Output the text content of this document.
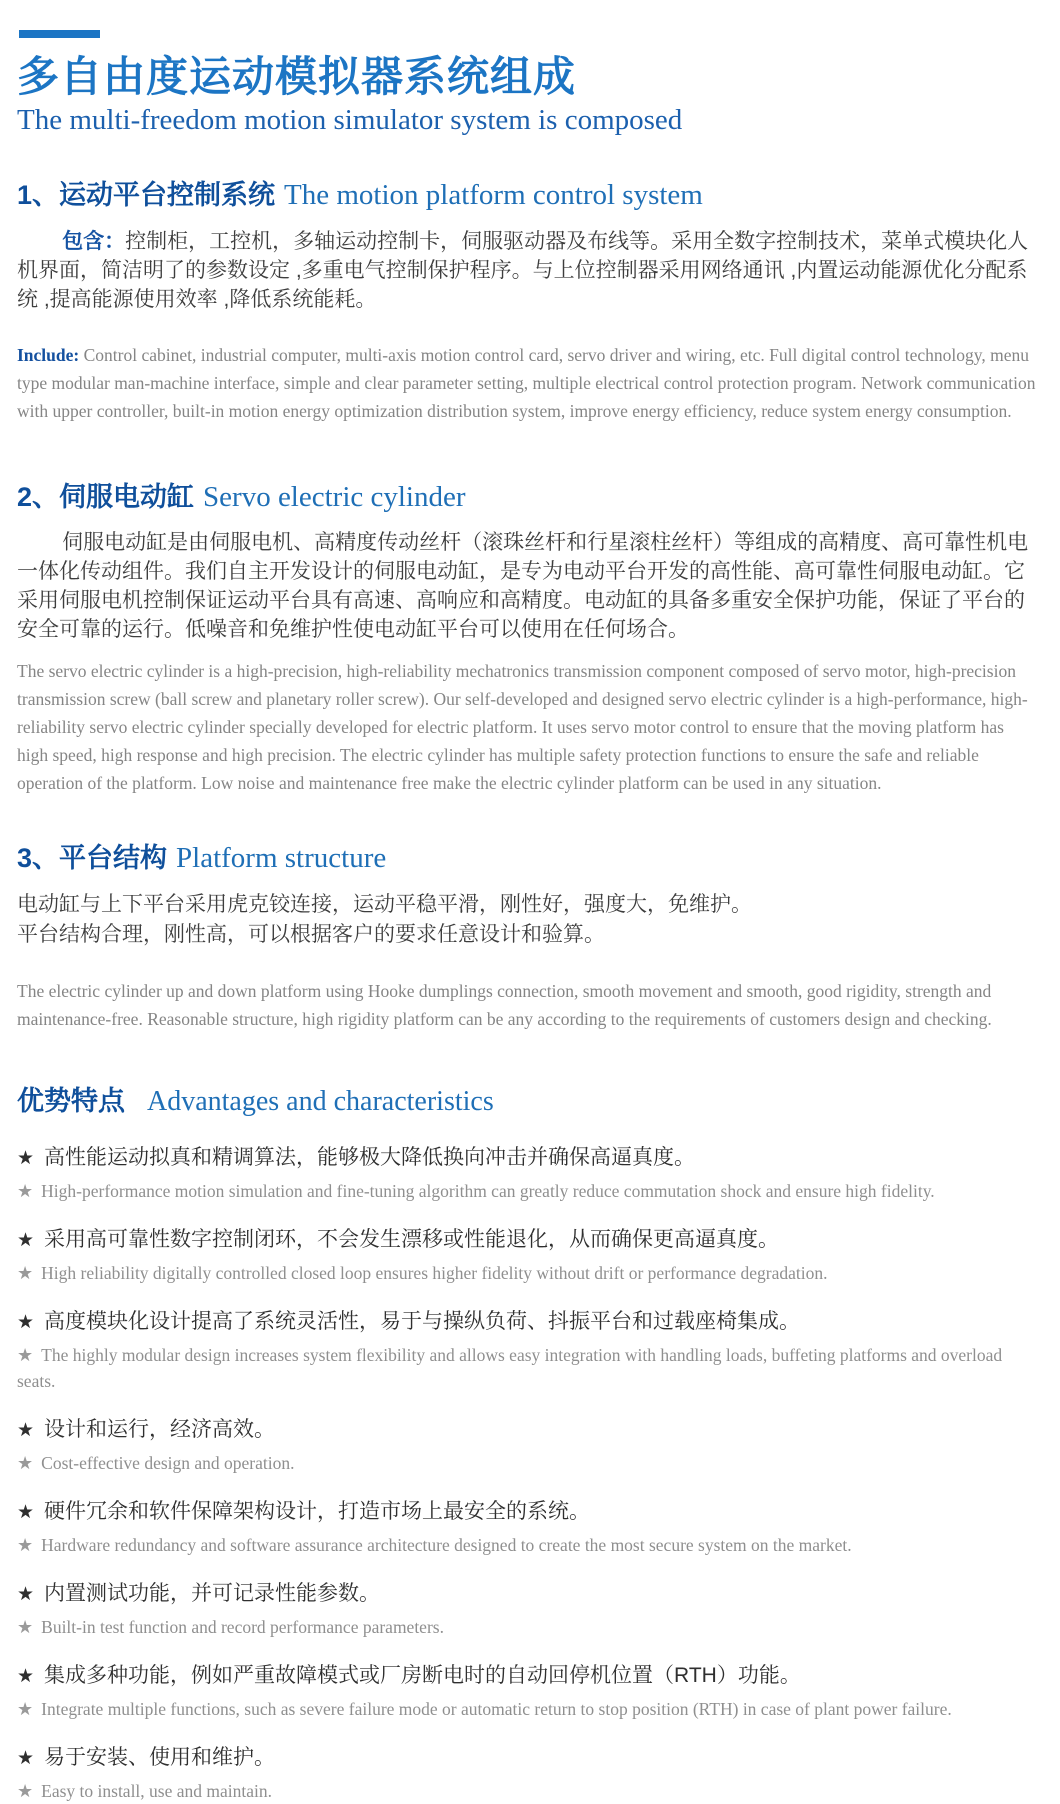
多自由度运动模拟器系统组成
The multi-freedom motion simulator system is composed
1、运动平台控制系统 The motion platform control system

包含：控制柜，工控机，多轴运动控制卡，伺服驱动器及布线等。采用全数字控制技术，菜单式模块化人机界面，简洁明了的参数设定 ,多重电气控制保护程序。与上位控制器采用网络通讯 ,内置运动能源优化分配系统 ,提高能源使用效率 ,降低系统能耗。

Include: Control cabinet, industrial computer, multi-axis motion control card, servo driver and wiring, etc. Full digital control technology, menu type modular man-machine interface, simple and clear parameter setting, multiple electrical control protection program. Network communication with upper controller, built-in motion energy optimization distribution system, improve energy efficiency, reduce system energy consumption.

2、伺服电动缸 Servo electric cylinder

伺服电动缸是由伺服电机、高精度传动丝杆（滚珠丝杆和行星滚柱丝杆）等组成的高精度、高可靠性机电一体化传动组件。我们自主开发设计的伺服电动缸，是专为电动平台开发的高性能、高可靠性伺服电动缸。它采用伺服电机控制保证运动平台具有高速、高响应和高精度。电动缸的具备多重安全保护功能，保证了平台的安全可靠的运行。低噪音和免维护性使电动缸平台可以使用在任何场合。

The servo electric cylinder is a high-precision, high-reliability mechatronics transmission component composed of servo motor, high-precision transmission screw (ball screw and planetary roller screw). Our self-developed and designed servo electric cylinder is a high-performance, high-reliability servo electric cylinder specially developed for electric platform. It uses servo motor control to ensure that the moving platform has high speed, high response and high precision. The electric cylinder has multiple safety protection functions to ensure the safe and reliable operation of the platform. Low noise and maintenance free make the electric cylinder platform can be used in any situation.

3、平台结构 Platform structure

电动缸与上下平台采用虎克铰连接，运动平稳平滑，刚性好，强度大，免维护。
平台结构合理，刚性高，可以根据客户的要求任意设计和验算。

The electric cylinder up and down platform using Hooke dumplings connection, smooth movement and smooth, good rigidity, strength and maintenance-free. Reasonable structure, high rigidity platform can be any according to the requirements of customers design and checking.

优势特点 Advantages and characteristics
★ 高性能运动拟真和精调算法，能够极大降低换向冲击并确保高逼真度。
★ High-performance motion simulation and fine-tuning algorithm can greatly reduce commutation shock and ensure high fidelity.
★ 采用高可靠性数字控制闭环，不会发生漂移或性能退化，从而确保更高逼真度。
★ High reliability digitally controlled closed loop ensures higher fidelity without drift or performance degradation.
★ 高度模块化设计提高了系统灵活性，易于与操纵负荷、抖振平台和过载座椅集成。
★ The highly modular design increases system flexibility and allows easy integration with handling loads, buffeting platforms and overload seats.
★ 设计和运行，经济高效。
★ Cost-effective design and operation.
★ 硬件冗余和软件保障架构设计，打造市场上最安全的系统。
★ Hardware redundancy and software assurance architecture designed to create the most secure system on the market.
★ 内置测试功能，并可记录性能参数。
★ Built-in test function and record performance parameters.
★ 集成多种功能，例如严重故障模式或厂房断电时的自动回停机位置（RTH）功能。
★ Integrate multiple functions, such as severe failure mode or automatic return to stop position (RTH) in case of plant power failure.
★ 易于安装、使用和维护。
★ Easy to install, use and maintain.
